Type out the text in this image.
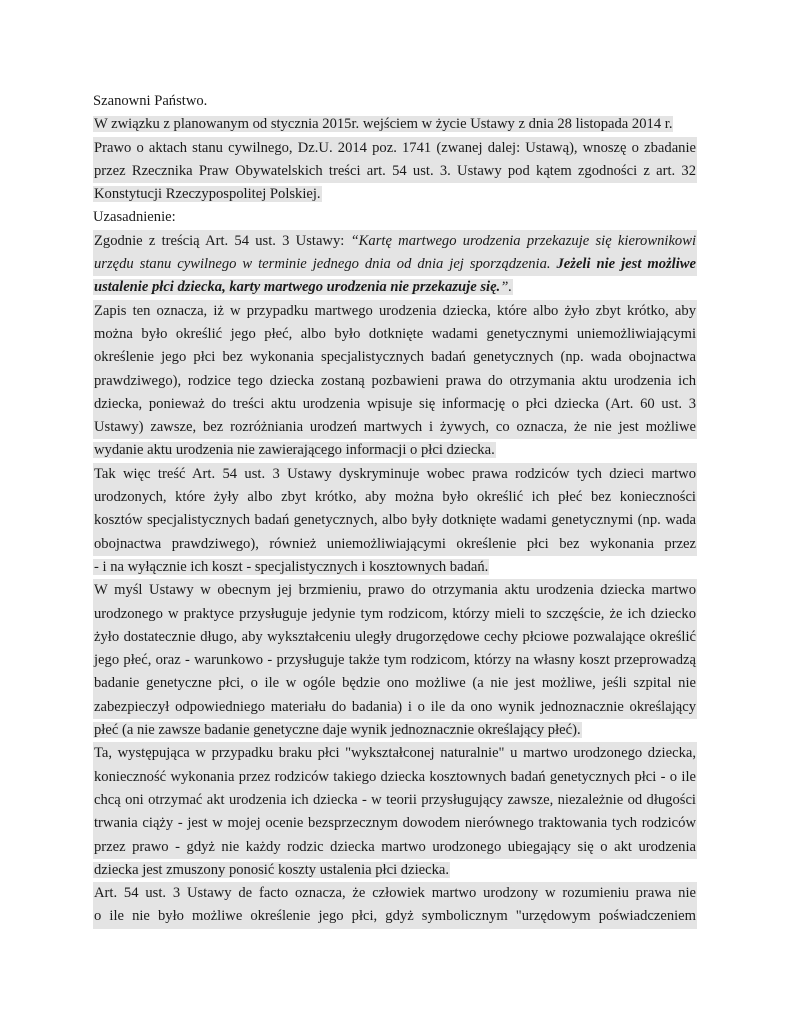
Szanowni Państwo.
W związku z planowanym od stycznia 2015r. wejściem w życie Ustawy z dnia 28 listopada 2014 r.
Prawo o aktach stanu cywilnego, Dz.U. 2014 poz. 1741 (zwanej dalej: Ustawą), wnoszę o zbadanie
przez Rzecznika Praw Obywatelskich treści art. 54 ust. 3. Ustawy pod kątem zgodności z art. 32
Konstytucji Rzeczypospolitej Polskiej.
Uzasadnienie:
Zgodnie z treścią Art. 54 ust. 3 Ustawy: “Kartę martwego urodzenia przekazuje się kierownikowi
urzędu stanu cywilnego w terminie jednego dnia od dnia jej sporządzenia. Jeżeli nie jest możliwe
ustalenie płci dziecka, karty martwego urodzenia nie przekazuje się.”.
Zapis ten oznacza, iż w przypadku martwego urodzenia dziecka, które albo żyło zbyt krótko, aby
można było określić jego płeć, albo było dotknięte wadami genetycznymi uniemożliwiającymi
określenie jego płci bez wykonania specjalistycznych badań genetycznych (np. wada obojnactwa
prawdziwego), rodzice tego dziecka zostaną pozbawieni prawa do otrzymania aktu urodzenia ich
dziecka, ponieważ do treści aktu urodzenia wpisuje się informację o płci dziecka (Art. 60 ust. 3
Ustawy) zawsze, bez rozróżniania urodzeń martwych i żywych, co oznacza, że nie jest możliwe
wydanie aktu urodzenia nie zawierającego informacji o płci dziecka.
Tak więc treść Art. 54 ust. 3 Ustawy dyskryminuje wobec prawa rodziców tych dzieci martwo
urodzonych, które żyły albo zbyt krótko, aby można było określić ich płeć bez konieczności
kosztów specjalistycznych badań genetycznych, albo były dotknięte wadami genetycznymi (np. wada
obojnactwa prawdziwego), również uniemożliwiającymi określenie płci bez wykonania przez
- i na wyłącznie ich koszt - specjalistycznych i kosztownych badań.
W myśl Ustawy w obecnym jej brzmieniu, prawo do otrzymania aktu urodzenia dziecka martwo
urodzonego w praktyce przysługuje jedynie tym rodzicom, którzy mieli to szczęście, że ich dziecko
żyło dostatecznie długo, aby wykształceniu uległy drugorzędowe cechy płciowe pozwalające określić
jego płeć, oraz - warunkowo - przysługuje także tym rodzicom, którzy na własny koszt przeprowadzą
badanie genetyczne płci, o ile w ogóle będzie ono możliwe (a nie jest możliwe, jeśli szpital nie
zabezpieczył odpowiedniego materiału do badania) i o ile da ono wynik jednoznacznie określający
płeć (a nie zawsze badanie genetyczne daje wynik jednoznacznie określający płeć).
Ta, występująca w przypadku braku płci "wykształconej naturalnie" u martwo urodzonego dziecka,
konieczność wykonania przez rodziców takiego dziecka kosztownych badań genetycznych płci - o ile
chcą oni otrzymać akt urodzenia ich dziecka - w teorii przysługujący zawsze, niezależnie od długości
trwania ciąży - jest w mojej ocenie bezsprzecznym dowodem nierównego traktowania tych rodziców
przez prawo - gdyż nie każdy rodzic dziecka martwo urodzonego ubiegający się o akt urodzenia
dziecka jest zmuszony ponosić koszty ustalenia płci dziecka.
Art. 54 ust. 3 Ustawy de facto oznacza, że człowiek martwo urodzony w rozumieniu prawa nie
o ile nie było możliwe określenie jego płci, gdyż symbolicznym "urzędowym poświadczeniem
